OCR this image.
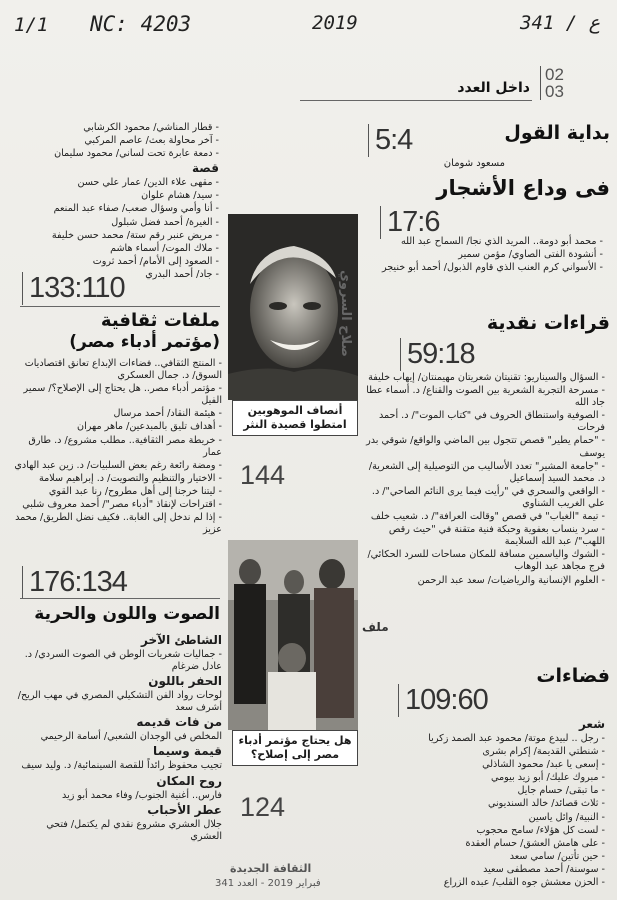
1/1 NC: 4203	2019	341 / ع
02
03
داخل العدد
بداية القول
5:4
مسعود شومان
فى وداع الأشجار
17:6

- محمد أبو دومة.. المريد الذي نجا/ السماح عبد الله

- أنشودة الفتى الصاوي/ مؤمن سمير

- الأسواني كرم العنب الذي قاوم الذبول/ أحمد أبو خنيجر

قراءات نقدية
59:18

- السؤال والسيناريو: تقنيتان شعريتان مهيمنتان/ إيهاب خليفة

- مسرحة التجربة الشعرية بين الصوت والقناع/ د. أسماء عطا جاد الله

- الصوفية واستنطاق الحروف في "كتاب الموت"/ د. أحمد فرحات

- "حمام يطير" قصص تتجول بين الماضي والواقع/ شوقي بدر يوسف

- "جامعة المشير" تعدد الأساليب من التوصيلية إلى الشعرية/ د. محمد السيد إسماعيل

- الواقعي والسحري في "رأيت فيما يرى النائم الصاحي"/ د. علي الغريب الشناوي

- تيمة "الغياب" في قصص "وقالت العرافة"/ د. شعيب خلف

- سرد ينساب بعفوية وحبكة فنية متقنة في "حيث رقص اللهب"/ عبد الله السلايمة

- الشوك والياسمين مسافة للمكان مساحات للسرد الحكائي/ فرج مجاهد عبد الوهاب

- العلوم الإنسانية والرياضيات/ سعد عبد الرحمن

فضاءات
109:60

شعر

- رجل .. لبيدع موتة/ محمود عبد الصمد زكريا

- شنطتي القديمة/ إكرام بشرى

- إسعى يا عبد/ محمود الشاذلي

- مبروك عليك/ أبو زيد بيومي

- ما تبقى/ حسام جايل

- ثلاث قصائد/ خالد السنديوني

- النبية/ وائل ياسين

- لست كل هؤلاء/ سامح محجوب

- على هامش العشق/ حسام العقدة

- حين تأتين/ سامي سعد

- سوسنة/ أحمد مصطفى سعيد

- الحزن معشش جوه القلب/ عبده الزراع

- قطار المناشي/ محمود الكرشابي

- آخر محاولة بعث/ عاصم المركبي

- دمعة عابرة تحت لساني/ محمود سليمان

قصة

- مقهى علاء الدين/ عمار علي حسن

- سيد/ هشام علوان

- أنا وأمي وسؤال صعب/ صفاء عبد المنعم

- الغيرة/ أحمد فضل شبلول

- مريض عنبر رقم ستة/ محمد حسن خليفة

- ملاك الموت/ أسماء هاشم

- الصعود إلى الأمام/ أحمد ثروت

- جاد/ أحمد البدري

133:110
ملفات ثقافية
(مؤتمر أدباء مصر)

- المنتج الثقافي.. فضاءات الإبداع تعانق اقتصاديات السوق/ د. جمال العسكري

- مؤتمر أدباء مصر.. هل يحتاج إلى الإصلاح؟/ سمير الفيل

- هيئمة النقاد/ أحمد مرسال

- أهداف تليق بالمبدعين/ ماهر مهران

- خريطة مصر الثقافية.. مطلب مشروع/ د. طارق عمار

- ومضة رائعة رغم بعض السلبيات/ د. زين عبد الهادي

- الاختيار والتنظيم والتصويت/ د. إبراهيم سلامة

- ليتنا خرجنا إلى أهل مطروح/ رنا عبد القوي

- اقتراحات لإنقاذ "أدباء مصر"/ أحمد معروف شلبي

- إذا لم ندخل إلى الغابة.. فكيف نضل الطريق/ محمد عزيز

176:134
الصوت واللون والحرية

الشاطئ الآخر

- جماليات شعريات الوطن في الصوت السردي/ د. عادل ضرغام

الحفر باللون

لوحات رواد الفن التشكيلي المصري في مهب الريح/ أشرف سعد

من فات قديمه

المخلص في الوجدان الشعبي/ أسامة الرحيمي

قيمة وسيما

تجيب محفوظ رائداً للقصة السينمائية/ د. وليد سيف

روح المكان

فارس.. أغنية الجنوب/ وفاء محمد أبو زيد

عطر الأحباب

جلال العشري مشروع نقدي لم يكتمل/ فتحي العشري

صلاح السروي
أنصاف الموهوبين امتطوا قصيدة النثر
144
ملف
هل يحتاج مؤتمر أدباء مصر إلى إصلاح؟
124
الثقافة الجديدة
فبراير 2019 - العدد 341
